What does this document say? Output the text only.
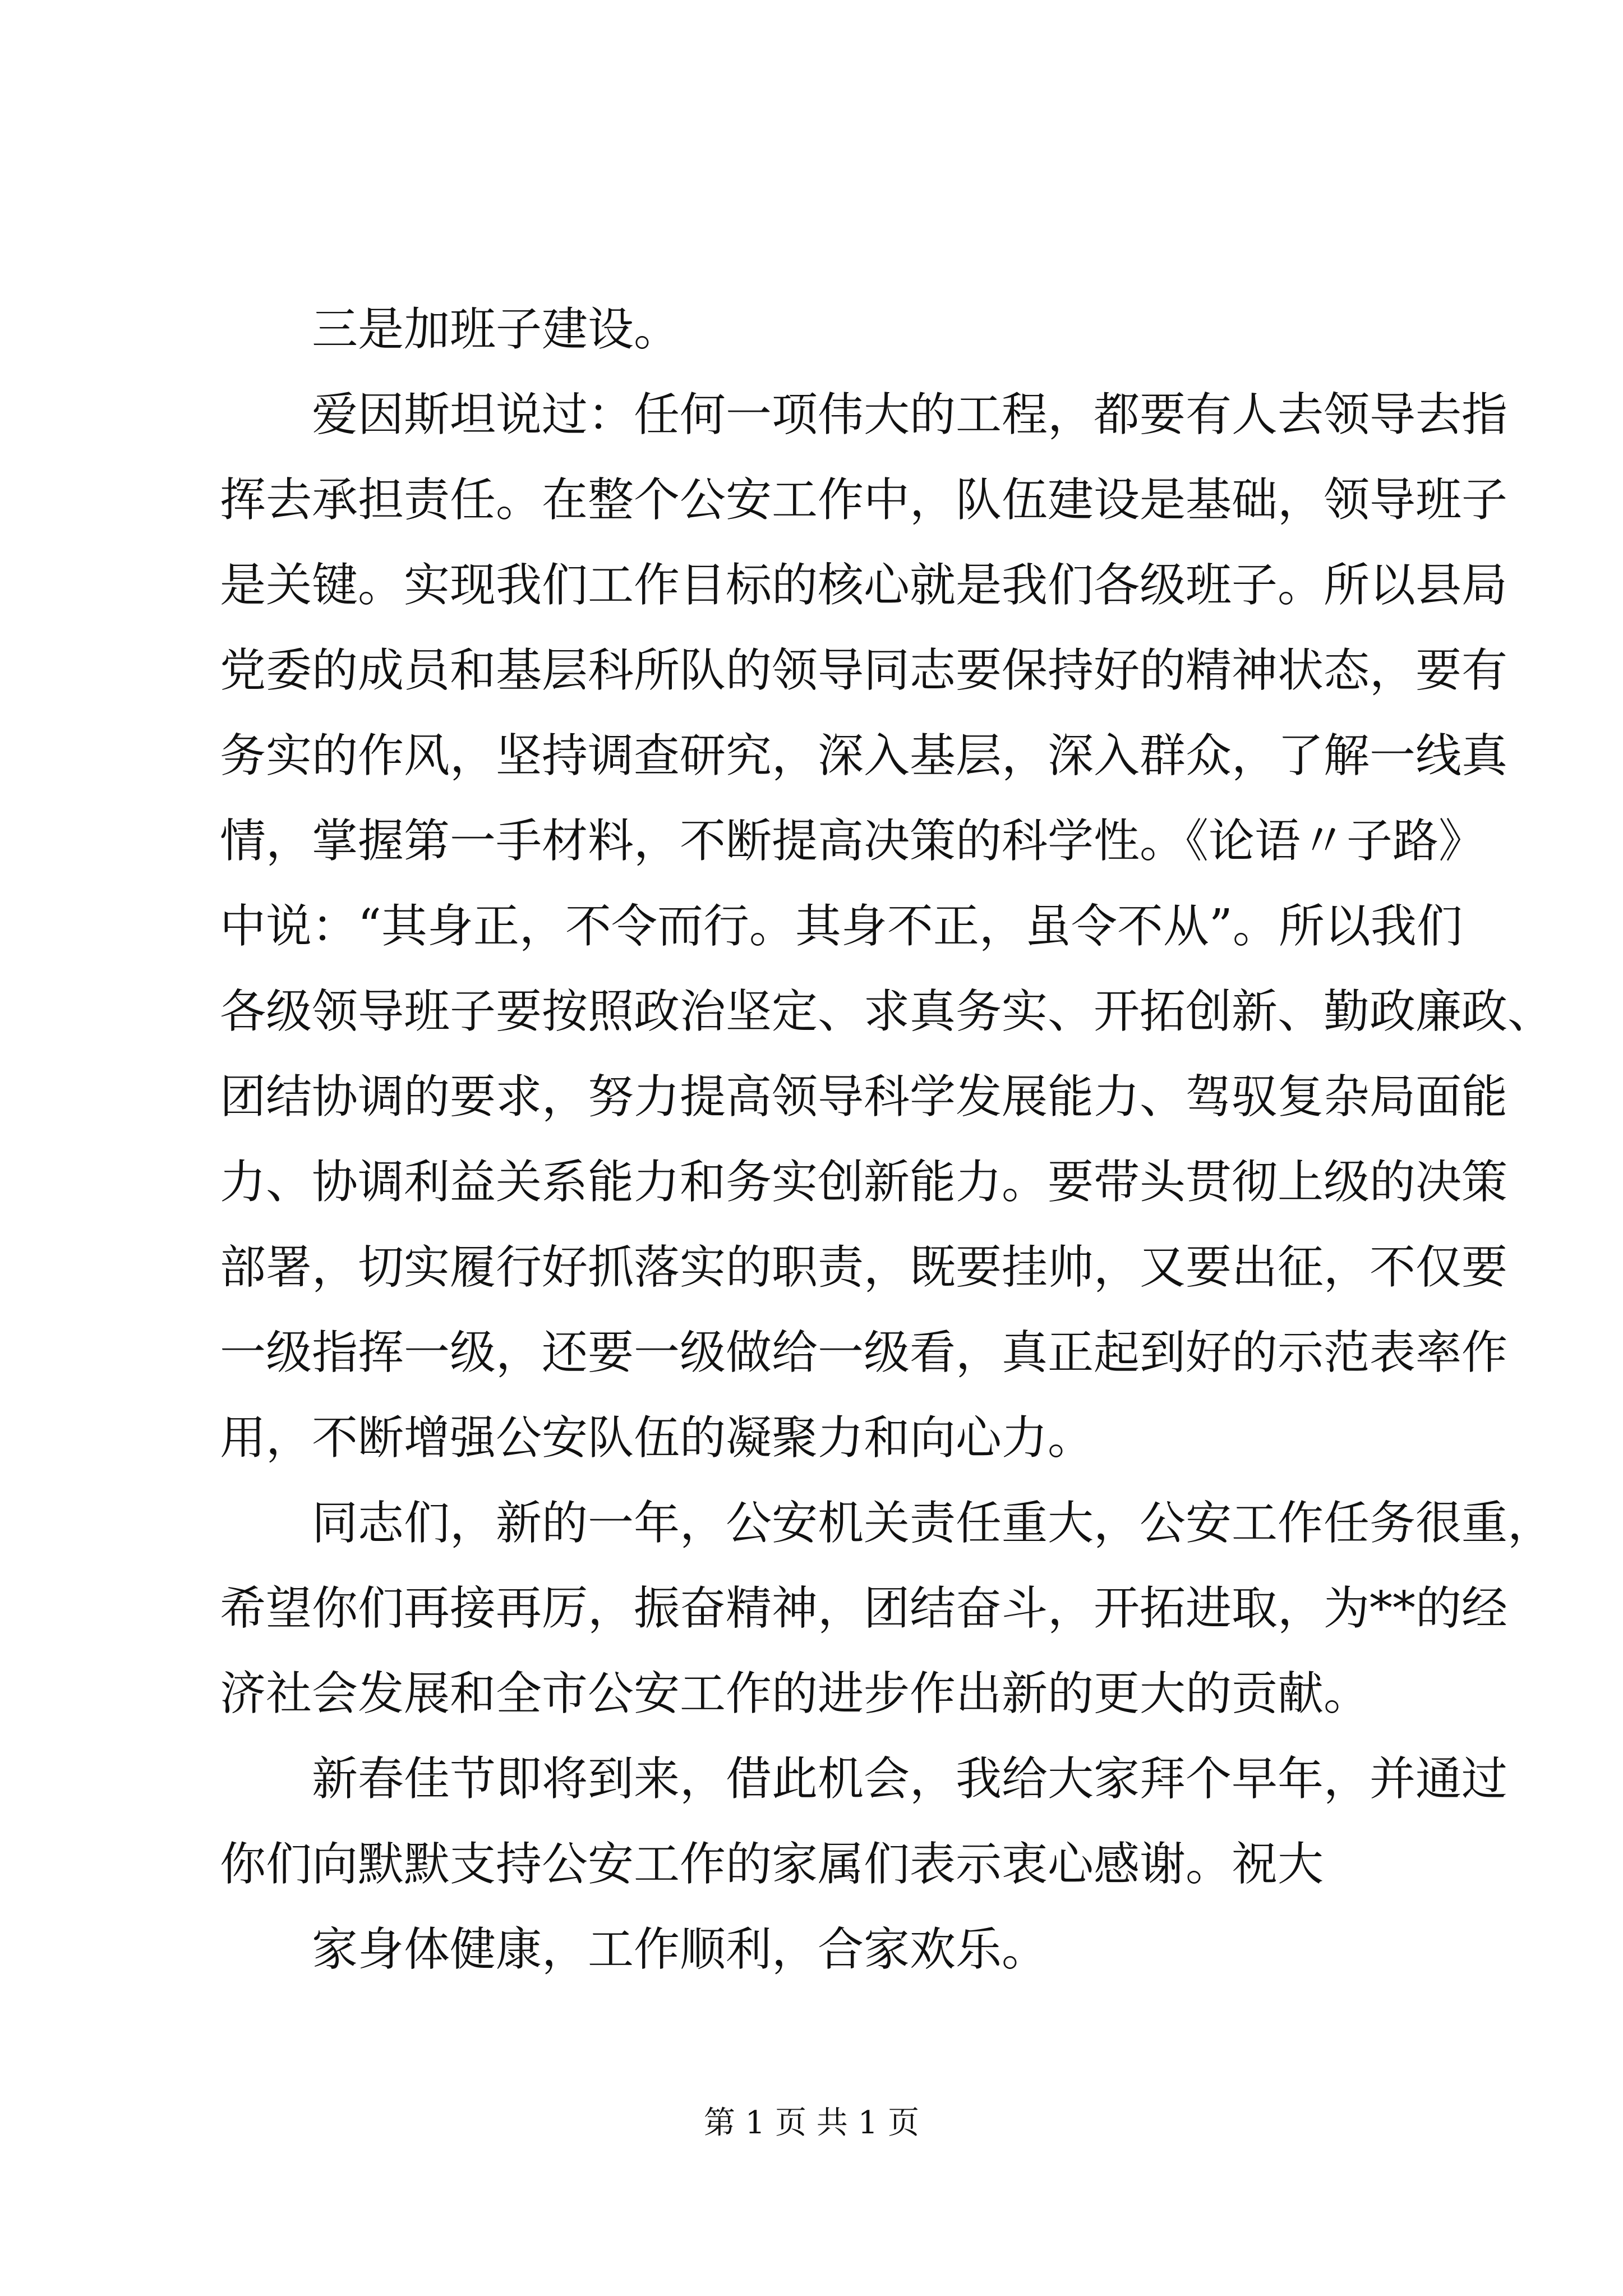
三是加班子建设。
爱因斯坦说过：任何一项伟大的工程，都要有人去领导去指
挥去承担责任。在整个公安工作中，队伍建设是基础，领导班子
是关键。实现我们工作目标的核心就是我们各级班子。所以县局
党委的成员和基层科所队的领导同志要保持好的精神状态，要有
务实的作风，坚持调查研究，深入基层，深入群众，了解一线真
情，掌握第一手材料，不断提高决策的科学性。《论语〃子路》
中说：“其身正，不令而行。其身不正，虽令不从”。所以我们
各级领导班子要按照政治坚定、求真务实、开拓创新、勤政廉政、
团结协调的要求，努力提高领导科学发展能力、驾驭复杂局面能
力、协调利益关系能力和务实创新能力。要带头贯彻上级的决策
部署，切实履行好抓落实的职责，既要挂帅，又要出征，不仅要
一级指挥一级，还要一级做给一级看，真正起到好的示范表率作
用，不断增强公安队伍的凝聚力和向心力。
同志们，新的一年，公安机关责任重大，公安工作任务很重，
希望你们再接再厉，振奋精神，团结奋斗，开拓进取，为**的经
济社会发展和全市公安工作的进步作出新的更大的贡献。
新春佳节即将到来，借此机会，我给大家拜个早年，并通过
你们向默默支持公安工作的家属们表示衷心感谢。祝大
家身体健康，工作顺利，合家欢乐。
第 1 页 共 1 页
